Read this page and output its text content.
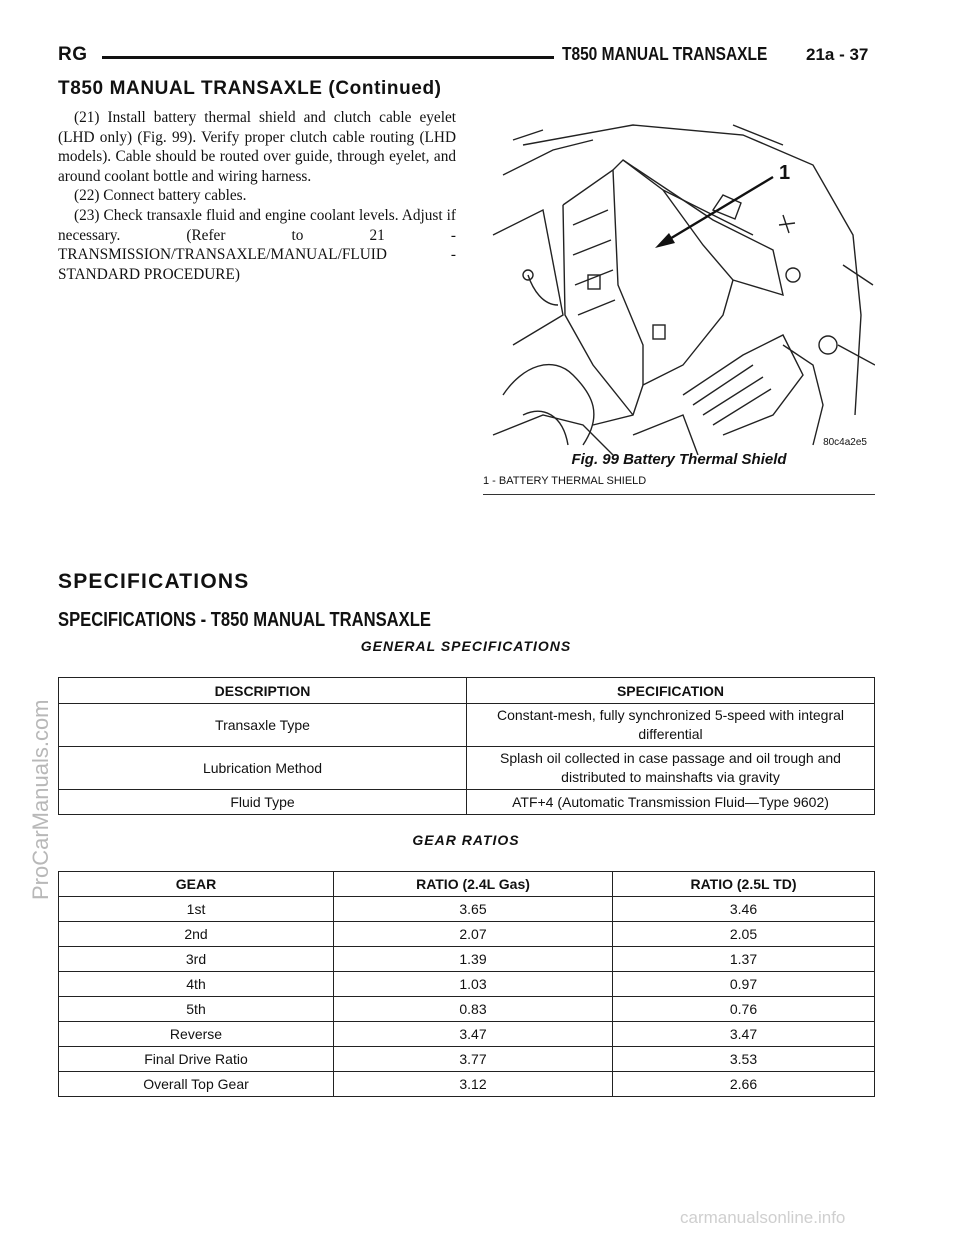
RG	T850 MANUAL TRANSAXLE 21a - 37
T850 MANUAL TRANSAXLE (Continued)

(21) Install battery thermal shield and clutch cable eyelet (LHD only) (Fig. 99). Verify proper clutch cable routing (LHD models). Cable should be routed over guide, through eyelet, and around coolant bottle and wiring harness.

(22) Connect battery cables.

(23) Check transaxle fluid and engine coolant levels. Adjust if necessary. (Refer to 21 - TRANSMISSION/TRANSAXLE/MANUAL/FLUID - STANDARD PROCEDURE)

1
80c4a2e5
Fig. 99 Battery Thermal Shield
1 - BATTERY THERMAL SHIELD
SPECIFICATIONS
SPECIFICATIONS - T850 MANUAL TRANSAXLE
GENERAL SPECIFICATIONS
DESCRIPTION	SPECIFICATION
Transaxle Type	Constant-mesh, fully synchronized 5-speed with integral differential
Lubrication Method	Splash oil collected in case passage and oil trough and distributed to mainshafts via gravity
Fluid Type	ATF+4 (Automatic Transmission Fluid—Type 9602)
GEAR RATIOS
GEAR	RATIO (2.4L Gas)	RATIO (2.5L TD)
1st	3.65	3.46
2nd	2.07	2.05
3rd	1.39	1.37
4th	1.03	0.97
5th	0.83	0.76
Reverse	3.47	3.47
Final Drive Ratio	3.77	3.53
Overall Top Gear	3.12	2.66
ProCarManuals.com
carmanualsonline.info
